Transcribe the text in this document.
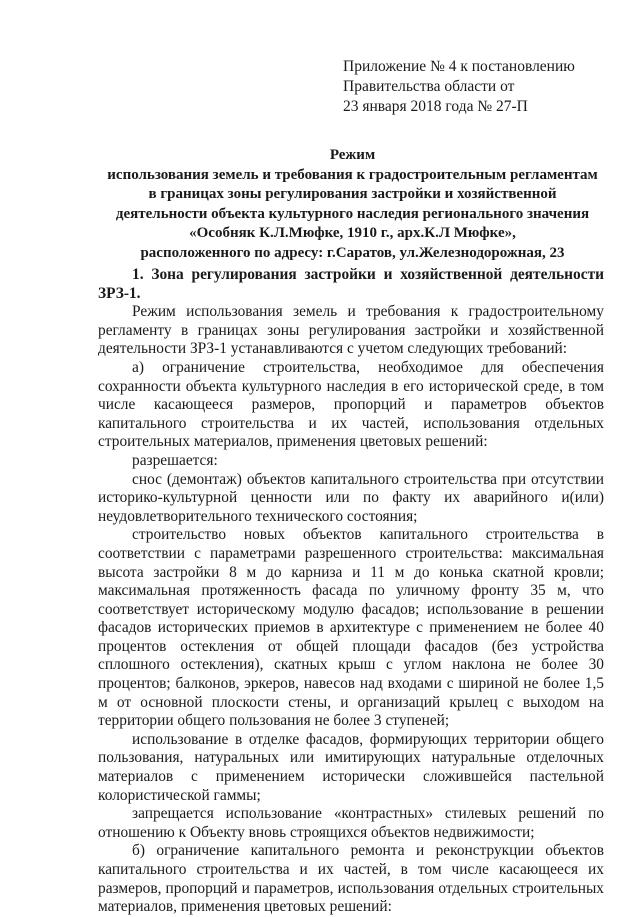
Приложение № 4 к постановлению
Правительства области от
23 января 2018 года № 27-П
Режим
использования земель и требования к градостроительным регламентам
в границах зоны регулирования застройки и хозяйственной
деятельности объекта культурного наследия регионального значения
«Особняк К.Л.Мюфке, 1910 г., арх.К.Л Мюфке»,
расположенного по адресу: г.Саратов, ул.Железнодорожная, 23

1. Зона регулирования застройки и хозяйственной деятельности ЗРЗ-1.

Режим использования земель и требования к градостроительному регламенту в границах зоны регулирования застройки и хозяйственной деятельности ЗРЗ-1 устанавливаются с учетом следующих требований:

а) ограничение строительства, необходимое для обеспечения сохранности объекта культурного наследия в его исторической среде, в том числе касающееся размеров, пропорций и параметров объектов капитального строительства и их частей, использования отдельных строительных материалов, применения цветовых решений:

разрешается:

снос (демонтаж) объектов капитального строительства при отсутствии историко-культурной ценности или по факту их аварийного и(или) неудовлетворительного технического состояния;

строительство новых объектов капитального строительства в соответствии с параметрами разрешенного строительства: максимальная высота застройки 8 м до карниза и 11 м до конька скатной кровли; максимальная протяженность фасада по уличному фронту 35 м, что соответствует историческому модулю фасадов; использование в решении фасадов исторических приемов в архитектуре с применением не более 40 процентов остекления от общей площади фасадов (без устройства сплошного остекления), скатных крыш с углом наклона не более 30 процентов; балконов, эркеров, навесов над входами с шириной не более 1,5 м от основной плоскости стены, и организаций крылец с выходом на территории общего пользования не более 3 ступеней;

использование в отделке фасадов, формирующих территории общего пользования, натуральных или имитирующих натуральные отделочных материалов с применением исторически сложившейся пастельной колористической гаммы;

запрещается использование «контрастных» стилевых решений по отношению к Объекту вновь строящихся объектов недвижимости;

б) ограничение капитального ремонта и реконструкции объектов капитального строительства и их частей, в том числе касающееся их размеров, пропорций и параметров, использования отдельных строительных материалов, применения цветовых решений:
